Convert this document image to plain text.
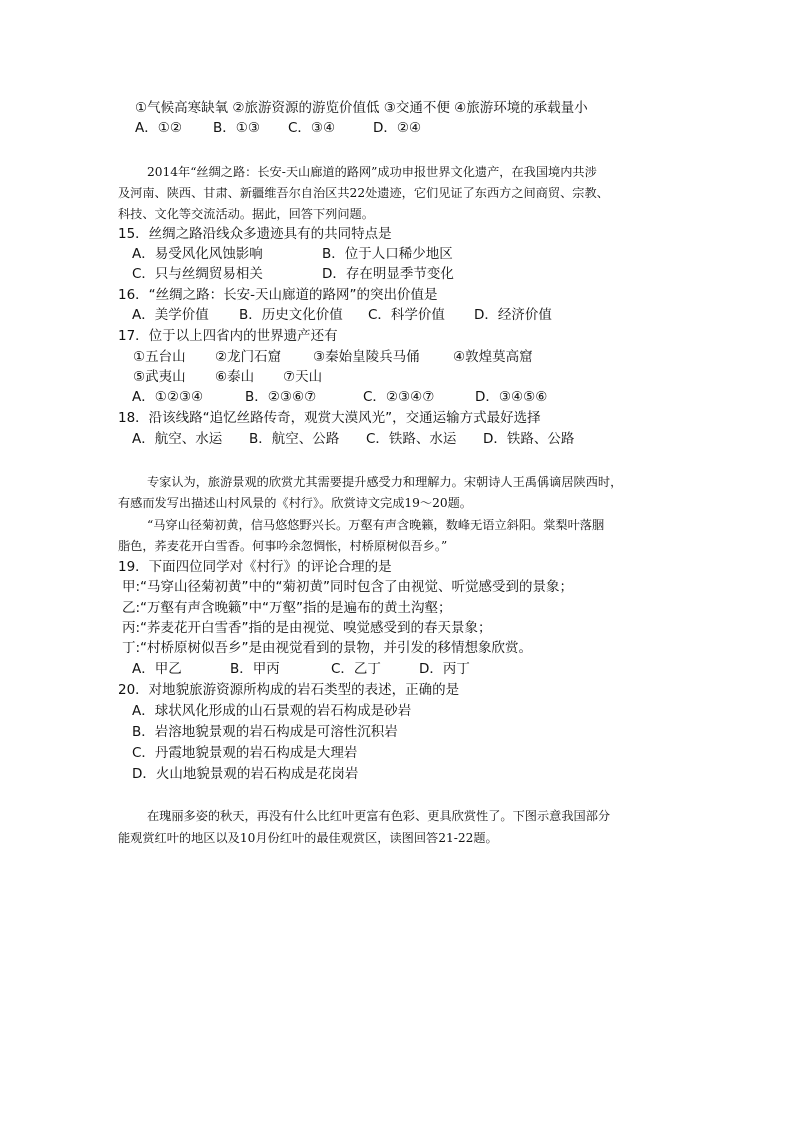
①气候高寒缺氧 ②旅游资源的游览价值低 ③交通不便 ④旅游环境的承载量小
A．①② B．①③ C．③④	D．②④
2014年“丝绸之路：长安-天山廊道的路网”成功申报世界文化遗产，在我国境内共涉
及河南、陕西、甘肃、新疆维吾尔自治区共22处遗迹，它们见证了东西方之间商贸、宗教、
科技、文化等交流活动。据此，回答下列问题。
15．丝绸之路沿线众多遗迹具有的共同特点是
A．易受风化风蚀影响	B．位于人口稀少地区
C．只与丝绸贸易相关	D．存在明显季节变化
16．“丝绸之路：长安-天山廊道的路网”的突出价值是
A．美学价值 B．历史文化价值 C．科学价值 D．经济价值
17．位于以上四省内的世界遗产还有
①五台山 ②龙门石窟 ③秦始皇陵兵马俑 ④敦煌莫高窟
⑤武夷山 ⑥泰山 ⑦天山
A．①②③④	B．②③⑥⑦	C．②③④⑦	D．③④⑤⑥
18．沿该线路“追忆丝路传奇，观赏大漠风光”，交通运输方式最好选择
A．航空、水运 B．航空、公路 C．铁路、水运 D．铁路、公路
专家认为，旅游景观的欣赏尤其需要提升感受力和理解力。宋朝诗人王禹偁谪居陕西时，
有感而发写出描述山村风景的《村行》。欣赏诗文完成19～20题。
“马穿山径菊初黄，信马悠悠野兴长。万壑有声含晚籁，数峰无语立斜阳。棠梨叶落胭
脂色，荞麦花开白雪香。何事吟余忽惆怅，村桥原树似吾乡。”
19．下面四位同学对《村行》的评论合理的是
甲:“马穿山径菊初黄”中的“菊初黄”同时包含了由视觉、听觉感受到的景象；
乙:“万壑有声含晚籁”中“万壑”指的是遍布的黄土沟壑；
丙:“荞麦花开白雪香”指的是由视觉、嗅觉感受到的春天景象；
丁:“村桥原树似吾乡”是由视觉看到的景物，并引发的移情想象欣赏。
A．甲乙	B．甲丙	C．乙丁	D．丙丁
20．对地貌旅游资源所构成的岩石类型的表述，正确的是
A．球状风化形成的山石景观的岩石构成是砂岩
B．岩溶地貌景观的岩石构成是可溶性沉积岩
C．丹霞地貌景观的岩石构成是大理岩
D．火山地貌景观的岩石构成是花岗岩
在瑰丽多姿的秋天，再没有什么比红叶更富有色彩、更具欣赏性了。下图示意我国部分
能观赏红叶的地区以及10月份红叶的最佳观赏区，读图回答21-22题。
